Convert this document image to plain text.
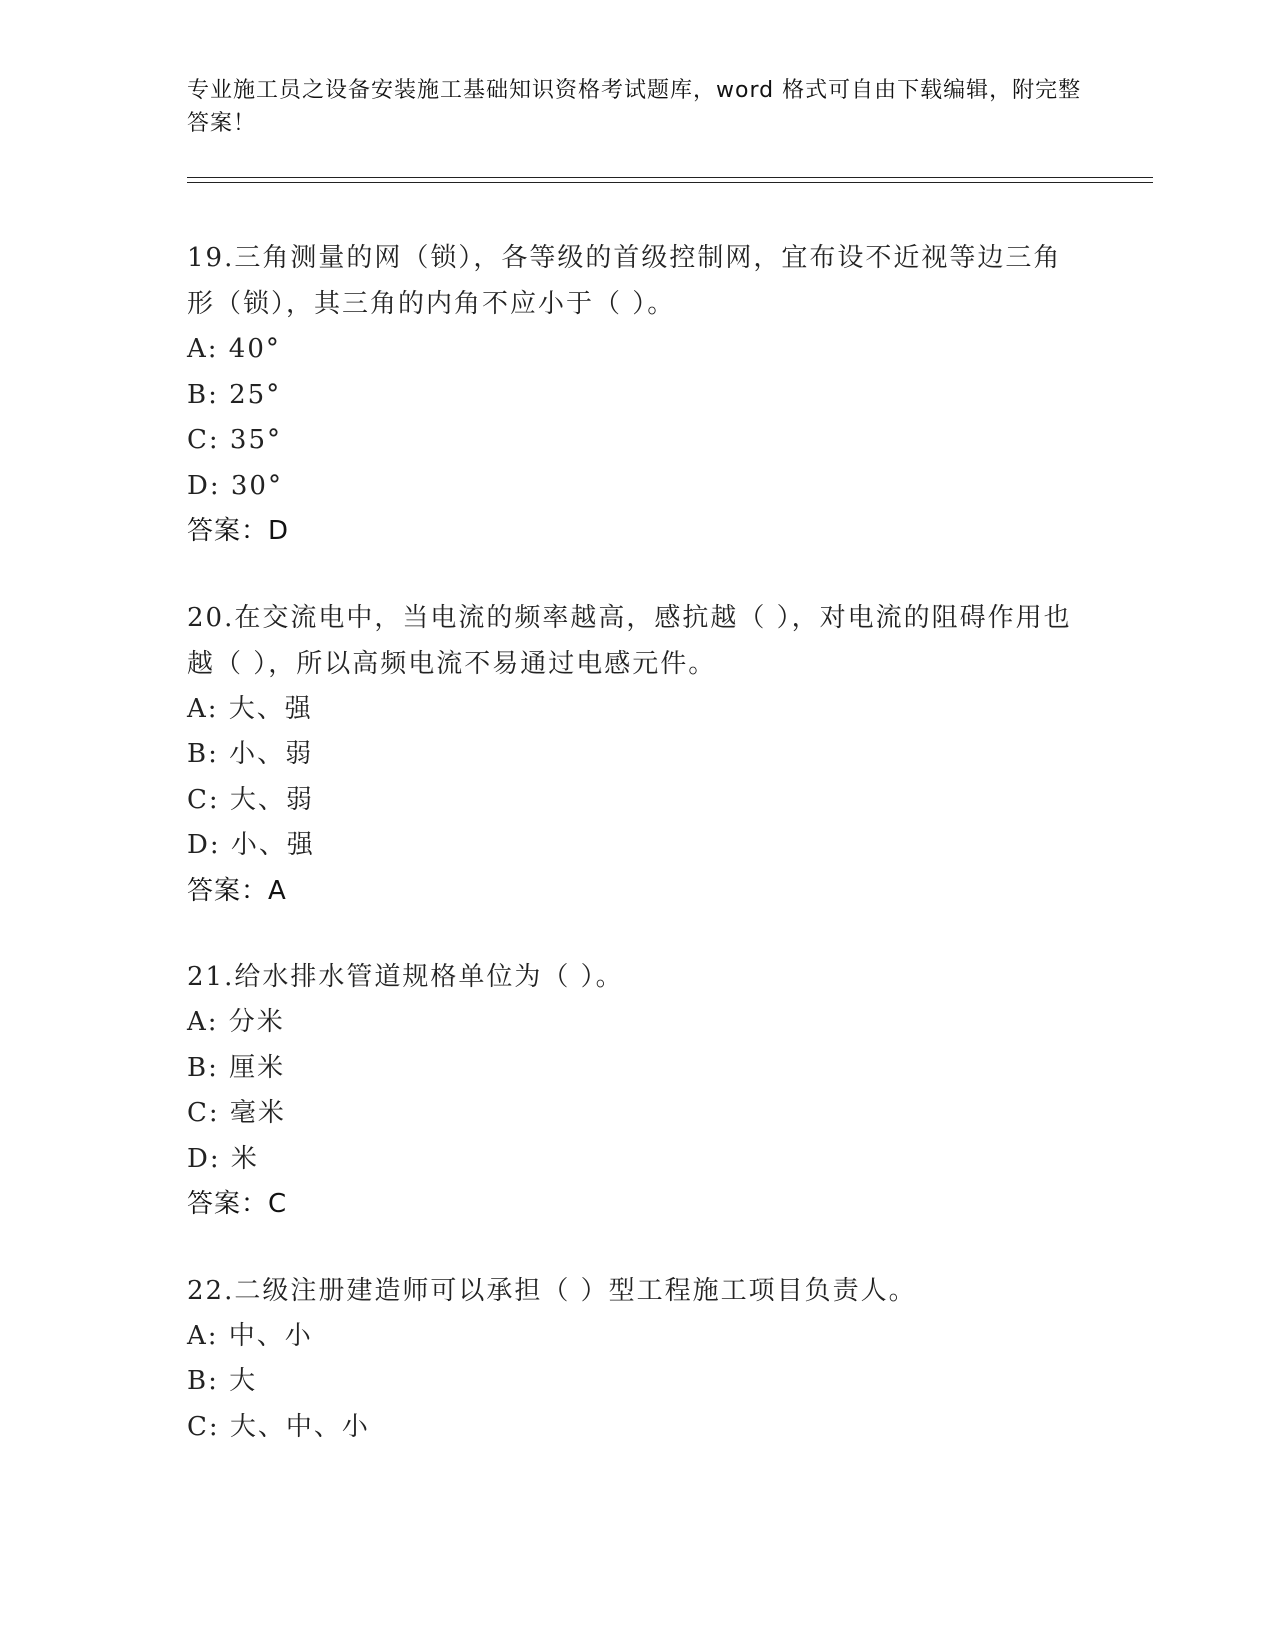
专业施工员之设备安装施工基础知识资格考试题库，word 格式可自由下载编辑，附完整答案！

19.三角测量的网（锁），各等级的首级控制网，宜布设不近视等边三角形（锁），其三角的内角不应小于（ ）。

A: 40°

B: 25°

C: 35°

D: 30°

答案：D

20.在交流电中，当电流的频率越高，感抗越（ ），对电流的阻碍作用也越（ ），所以高频电流不易通过电感元件。

A: 大、强

B: 小、弱

C: 大、弱

D: 小、强

答案：A

21.给水排水管道规格单位为（ ）。

A: 分米

B: 厘米

C: 毫米

D: 米

答案：C

22.二级注册建造师可以承担（ ）型工程施工项目负责人。

A: 中、小

B: 大

C: 大、中、小
